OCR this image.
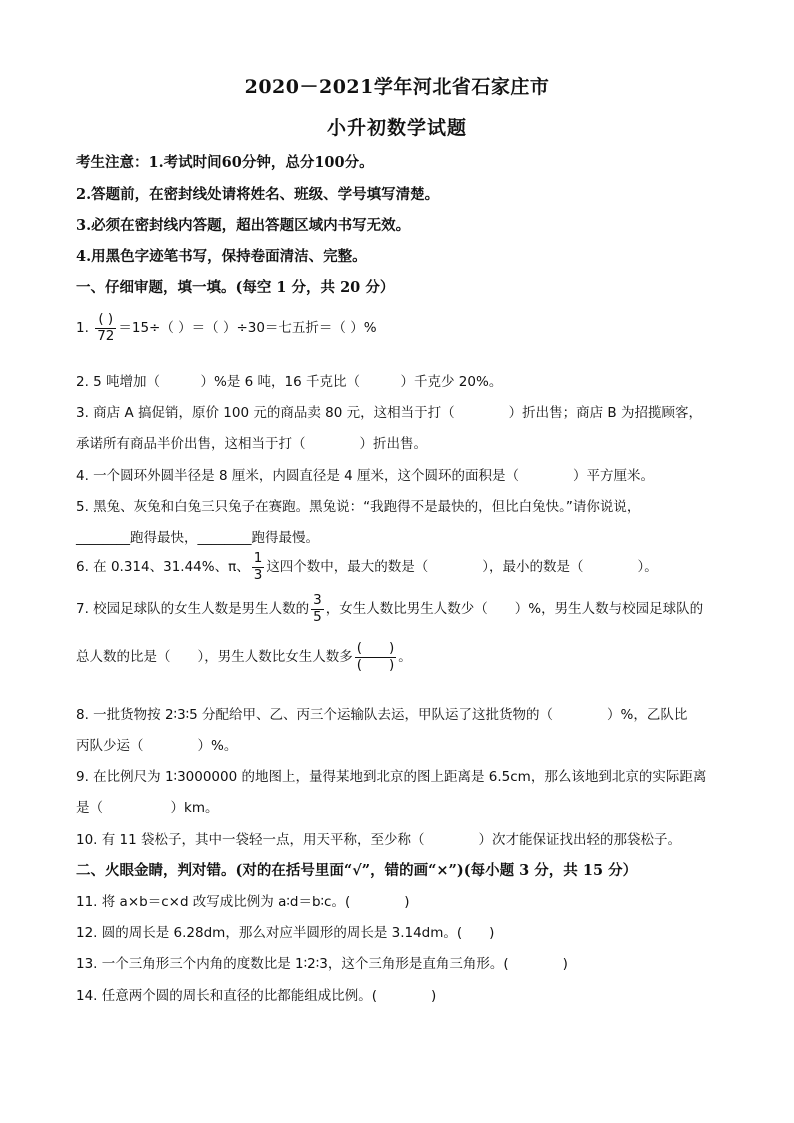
2020－2021学年河北省石家庄市
小升初数学试题
考生注意：1.考试时间60分钟，总分100分。
2.答题前，在密封线处请将姓名、班级、学号填写清楚。
3.必须在密封线内答题，超出答题区域内书写无效。
4.用黑色字迹笔书写，保持卷面清洁、完整。
一、仔细审题，填一填。(每空 1 分，共 20 分）
1. $\frac{( )}{72} =15\div$（ ）＝（ ）÷30＝七五折＝（ ）%
2. 5 吨增加（　　　）%是 6 吨，16 千克比（　　　）千克少 20%。
3. 商店 A 搞促销，原价 100 元的商品卖 80 元，这相当于打（　　　　）折出售；商店 B 为招揽顾客，
承诺所有商品半价出售，这相当于打（　　　　）折出售。
4. 一个圆环外圆半径是 8 厘米，内圆直径是 4 厘米，这个圆环的面积是（　　　　）平方厘米。
5. 黑兔、灰兔和白兔三只兔子在赛跑。黑兔说：“我跑得不是最快的，但比白兔快。”请你说说，
________跑得最快，________跑得最慢。
6. 在 0.314、31.44%、π、 $\frac{1}{3}$ 这四个数中，最大的数是（　　　　），最小的数是（　　　　）。
7. 校园足球队的女生人数是男生人数的 $\frac{3}{5}$ ，女生人数比男生人数少（　　）%，男生人数与校园足球队的
总人数的比是（　　），男生人数比女生人数多 $\frac{( )}{( )}$ 。
8. 一批货物按 2∶3∶5 分配给甲、乙、丙三个运输队去运，甲队运了这批货物的（　　　　）%，乙队比
丙队少运（　　　　）%。
9. 在比例尺为 1∶3000000 的地图上，量得某地到北京的图上距离是 6.5cm，那么该地到北京的实际距离
是（　　　　　）km。
10. 有 11 袋松子，其中一袋轻一点，用天平称，至少称（　　　　）次才能保证找出轻的那袋松子。
二、火眼金睛，判对错。(对的在括号里面“√”，错的画“×”)(每小题 3 分，共 15 分）
11. 将 a×b＝c×d 改写成比例为 a∶d＝b∶c。(　　　　)
12. 圆的周长是 6.28dm，那么对应半圆形的周长是 3.14dm。(　　)
13. 一个三角形三个内角的度数比是 1∶2∶3，这个三角形是直角三角形。(　　　　)
14. 任意两个圆的周长和直径的比都能组成比例。(　　　　)
